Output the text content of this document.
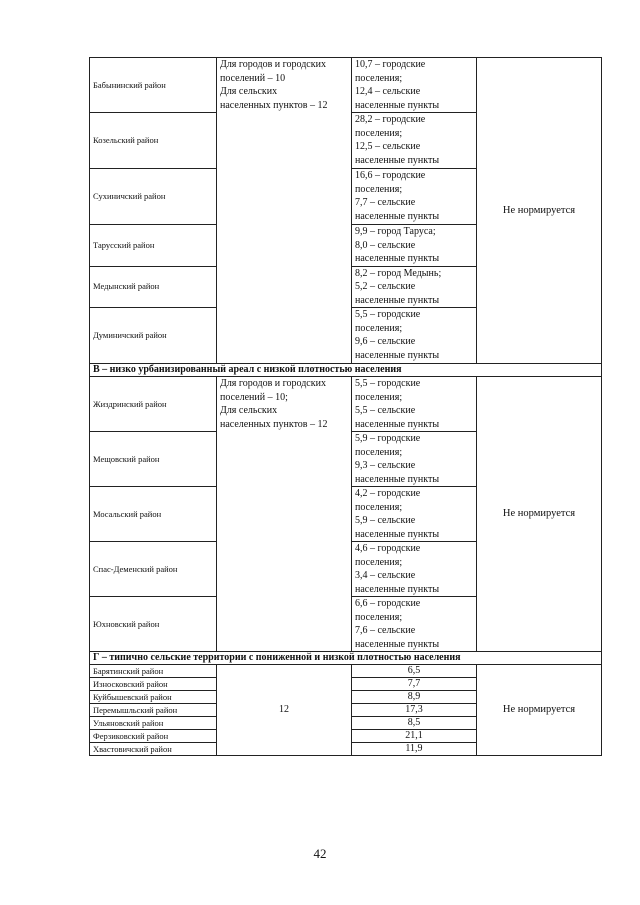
Бабынинский район	Для городов и городских
поселений – 10
Для сельских
населенных пунктов – 12	10,7 – городские
поселения;
12,4 – сельские
населенные пункты	Не нормируется
Козельский район		28,2 – городские
поселения;
12,5 – сельские
населенные пункты	

Сухиничский район		16,6 – городские
поселения;
7,7 – сельские
населенные пункты	

Тарусский район		9,9 – город Таруса;
8,0 – сельские
населенные пункты	

Медынский район		8,2 – город Медынь;
5,2 – сельские
населенные пункты	

Думиничский район		5,5 – городские
поселения;
9,6 – сельские
населенные пункты	

В – низко урбанизированный ареал с низкой плотностью населения			
Жиздринский район	Для городов и городских
поселений – 10;
Для сельских
населенных пунктов – 12	5,5 – городские
поселения;
5,5 – сельские
населенные пункты	Не нормируется
Мещовский район		5,9 – городские
поселения;
9,3 – сельские
населенные пункты	

Мосальский район		4,2 – городские
поселения;
5,9 – сельские
населенные пункты	

Спас-Деменский район		4,6 – городские
поселения;
3,4 – сельские
населенные пункты	

Юхновский район		6,6 – городские
поселения;
7,6 – сельские
населенные пункты	

Г – типично сельские территории с пониженной и низкой плотностью населения			
Барятинский район	12	6,5	Не нормируется
Износковский район		7,7	
Куйбышевский район		8,9	
Перемышльский район		17,3	
Ульяновский район		8,5	
Ферзиковский район		21,1	
Хвастовичский район		11,9	
42
